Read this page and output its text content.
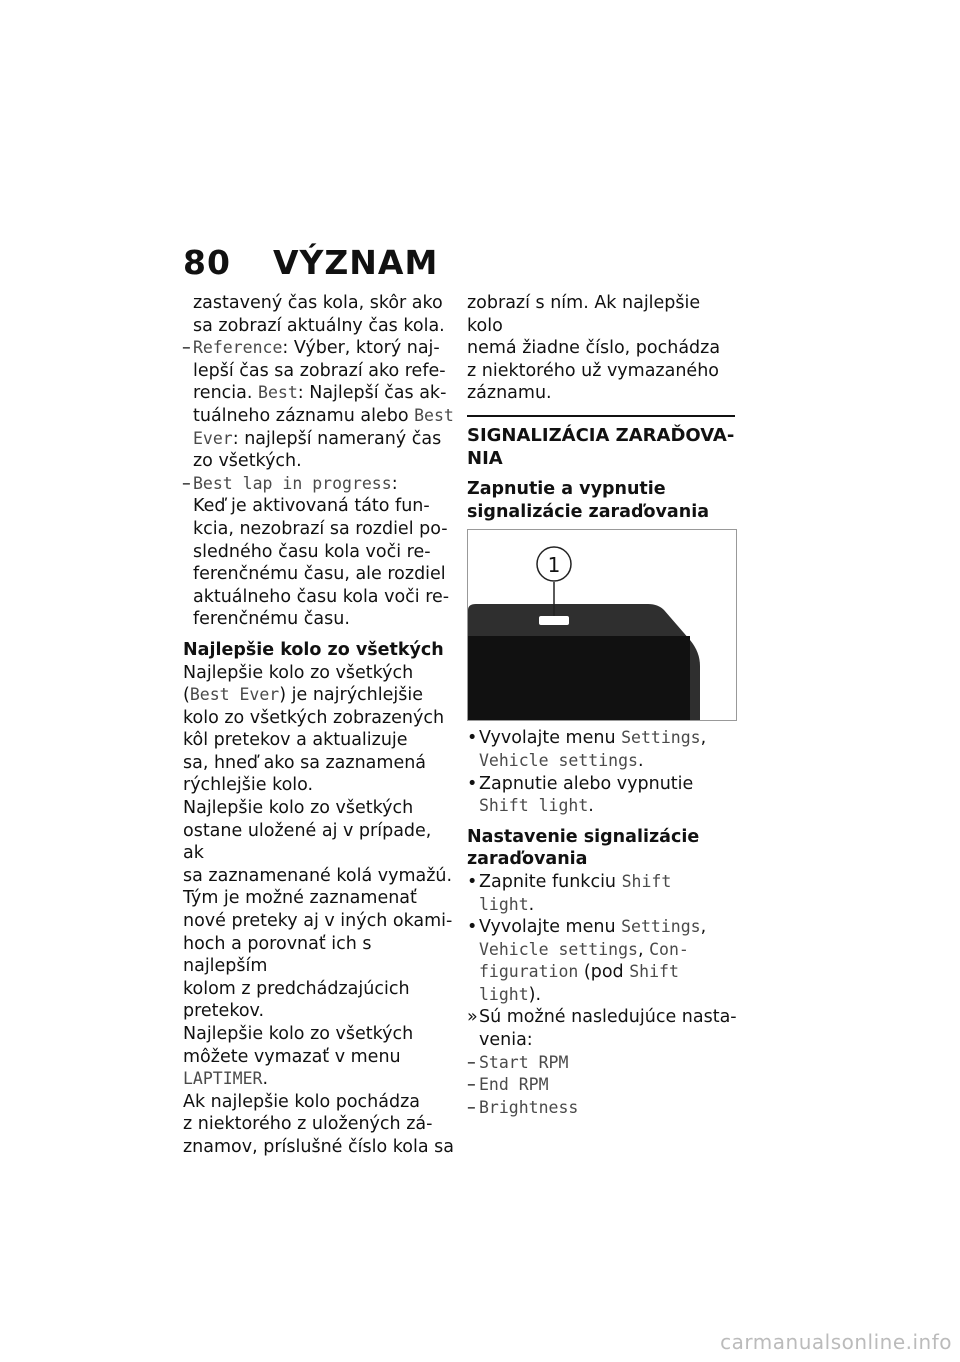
80 VÝZNAM
zastavený čas kola, skôr ako
sa zobrazí aktuálny čas kola.
– Reference: Výber, ktorý naj-
lepší čas sa zobrazí ako refe-
rencia. Best: Najlepší čas ak-
tuálneho záznamu alebo Best
Ever: najlepší nameraný čas
zo všetkých.
– Best lap in progress:
Keď je aktivovaná táto fun-
kcia, nezobrazí sa rozdiel po-
sledného času kola voči re-
ferenčnému času, ale rozdiel
aktuálneho času kola voči re-
ferenčnému času.
Najlepšie kolo zo všetkých
Najlepšie kolo zo všetkých
(Best Ever) je najrýchlejšie
kolo zo všetkých zobrazených
kôl pretekov a aktualizuje
sa, hneď ako sa zaznamená
rýchlejšie kolo.
Najlepšie kolo zo všetkých
ostane uložené aj v prípade, ak
sa zaznamenané kolá vymažú.
Tým je možné zaznamenať
nové preteky aj v iných okami-
hoch a porovnať ich s najlepším
kolom z predchádzajúcich
pretekov.
Najlepšie kolo zo všetkých
môžete vymazať v menu
LAPTIMER.
Ak najlepšie kolo pochádza
z niektorého z uložených zá-
znamov, príslušné číslo kola sa
zobrazí s ním. Ak najlepšie kolo
nemá žiadne číslo, pochádza
z niektorého už vymazaného
záznamu.
SIGNALIZÁCIA ZARAĎOVA-
NIA
Zapnutie a vypnutie
signalizácie zaraďovania
1
• Vyvolajte menu Settings,
Vehicle settings.
• Zapnutie alebo vypnutie
Shift light.
Nastavenie signalizácie
zaraďovania
• Zapnite funkciu Shift
light.
• Vyvolajte menu Settings,
Vehicle settings, Con-
figuration (pod Shift
light).
» Sú možné nasledujúce nasta-
venia:
– Start RPM
– End RPM
– Brightness
carmanualsonline.info
